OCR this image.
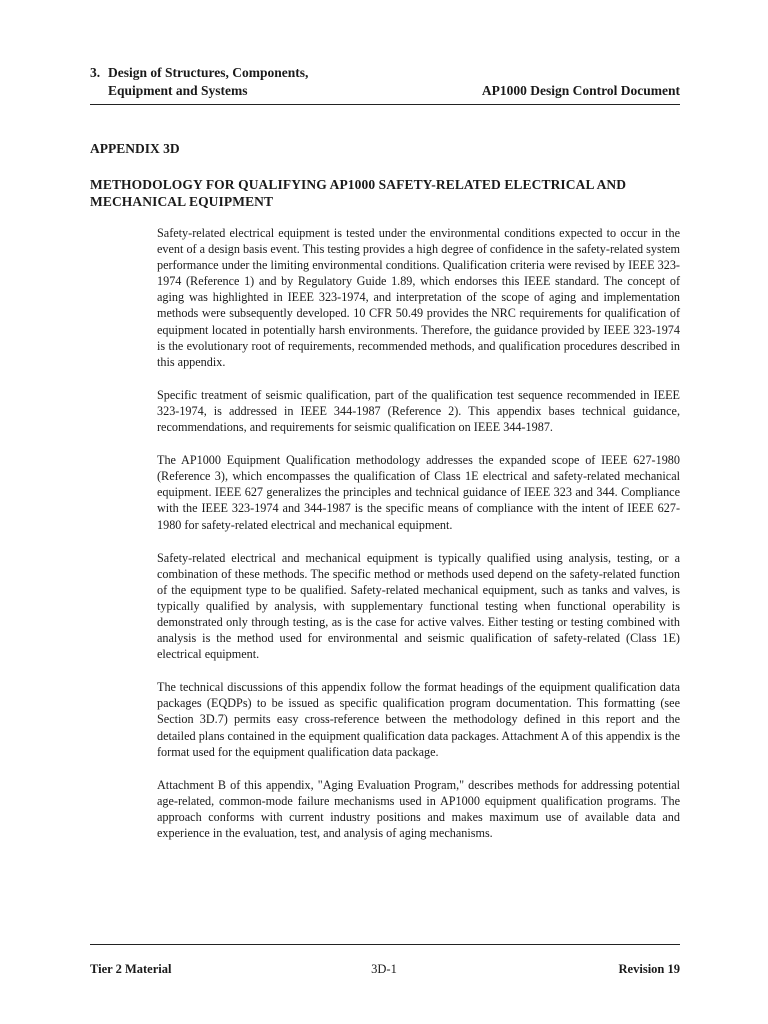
3. Design of Structures, Components,
Equipment and Systems	AP1000 Design Control Document
APPENDIX 3D
METHODOLOGY FOR QUALIFYING AP1000 SAFETY-RELATED ELECTRICAL AND MECHANICAL EQUIPMENT

Safety-related electrical equipment is tested under the environmental conditions expected to occur in the event of a design basis event. This testing provides a high degree of confidence in the safety-related system performance under the limiting environmental conditions. Qualification criteria were revised by IEEE 323-1974 (Reference 1) and by Regulatory Guide 1.89, which endorses this IEEE standard. The concept of aging was highlighted in IEEE 323-1974, and interpretation of the scope of aging and implementation methods were subsequently developed. 10 CFR 50.49 provides the NRC requirements for qualification of equipment located in potentially harsh environments. Therefore, the guidance provided by IEEE 323-1974 is the evolutionary root of requirements, recommended methods, and qualification procedures described in this appendix.

Specific treatment of seismic qualification, part of the qualification test sequence recommended in IEEE 323-1974, is addressed in IEEE 344-1987 (Reference 2). This appendix bases technical guidance, recommendations, and requirements for seismic qualification on IEEE 344-1987.

The AP1000 Equipment Qualification methodology addresses the expanded scope of IEEE 627-1980 (Reference 3), which encompasses the qualification of Class 1E electrical and safety-related mechanical equipment. IEEE 627 generalizes the principles and technical guidance of IEEE 323 and 344. Compliance with the IEEE 323-1974 and 344-1987 is the specific means of compliance with the intent of IEEE 627-1980 for safety-related electrical and mechanical equipment.

Safety-related electrical and mechanical equipment is typically qualified using analysis, testing, or a combination of these methods. The specific method or methods used depend on the safety-related function of the equipment type to be qualified. Safety-related mechanical equipment, such as tanks and valves, is typically qualified by analysis, with supplementary functional testing when functional operability is demonstrated only through testing, as is the case for active valves. Either testing or testing combined with analysis is the method used for environmental and seismic qualification of safety-related (Class 1E) electrical equipment.

The technical discussions of this appendix follow the format headings of the equipment qualification data packages (EQDPs) to be issued as specific qualification program documentation. This formatting (see Section 3D.7) permits easy cross-reference between the methodology defined in this report and the detailed plans contained in the equipment qualification data packages. Attachment A of this appendix is the format used for the equipment qualification data package.

Attachment B of this appendix, "Aging Evaluation Program," describes methods for addressing potential age-related, common-mode failure mechanisms used in AP1000 equipment qualification programs. The approach conforms with current industry positions and makes maximum use of available data and experience in the evaluation, test, and analysis of aging mechanisms.

Tier 2 Material	3D-1	Revision 19
